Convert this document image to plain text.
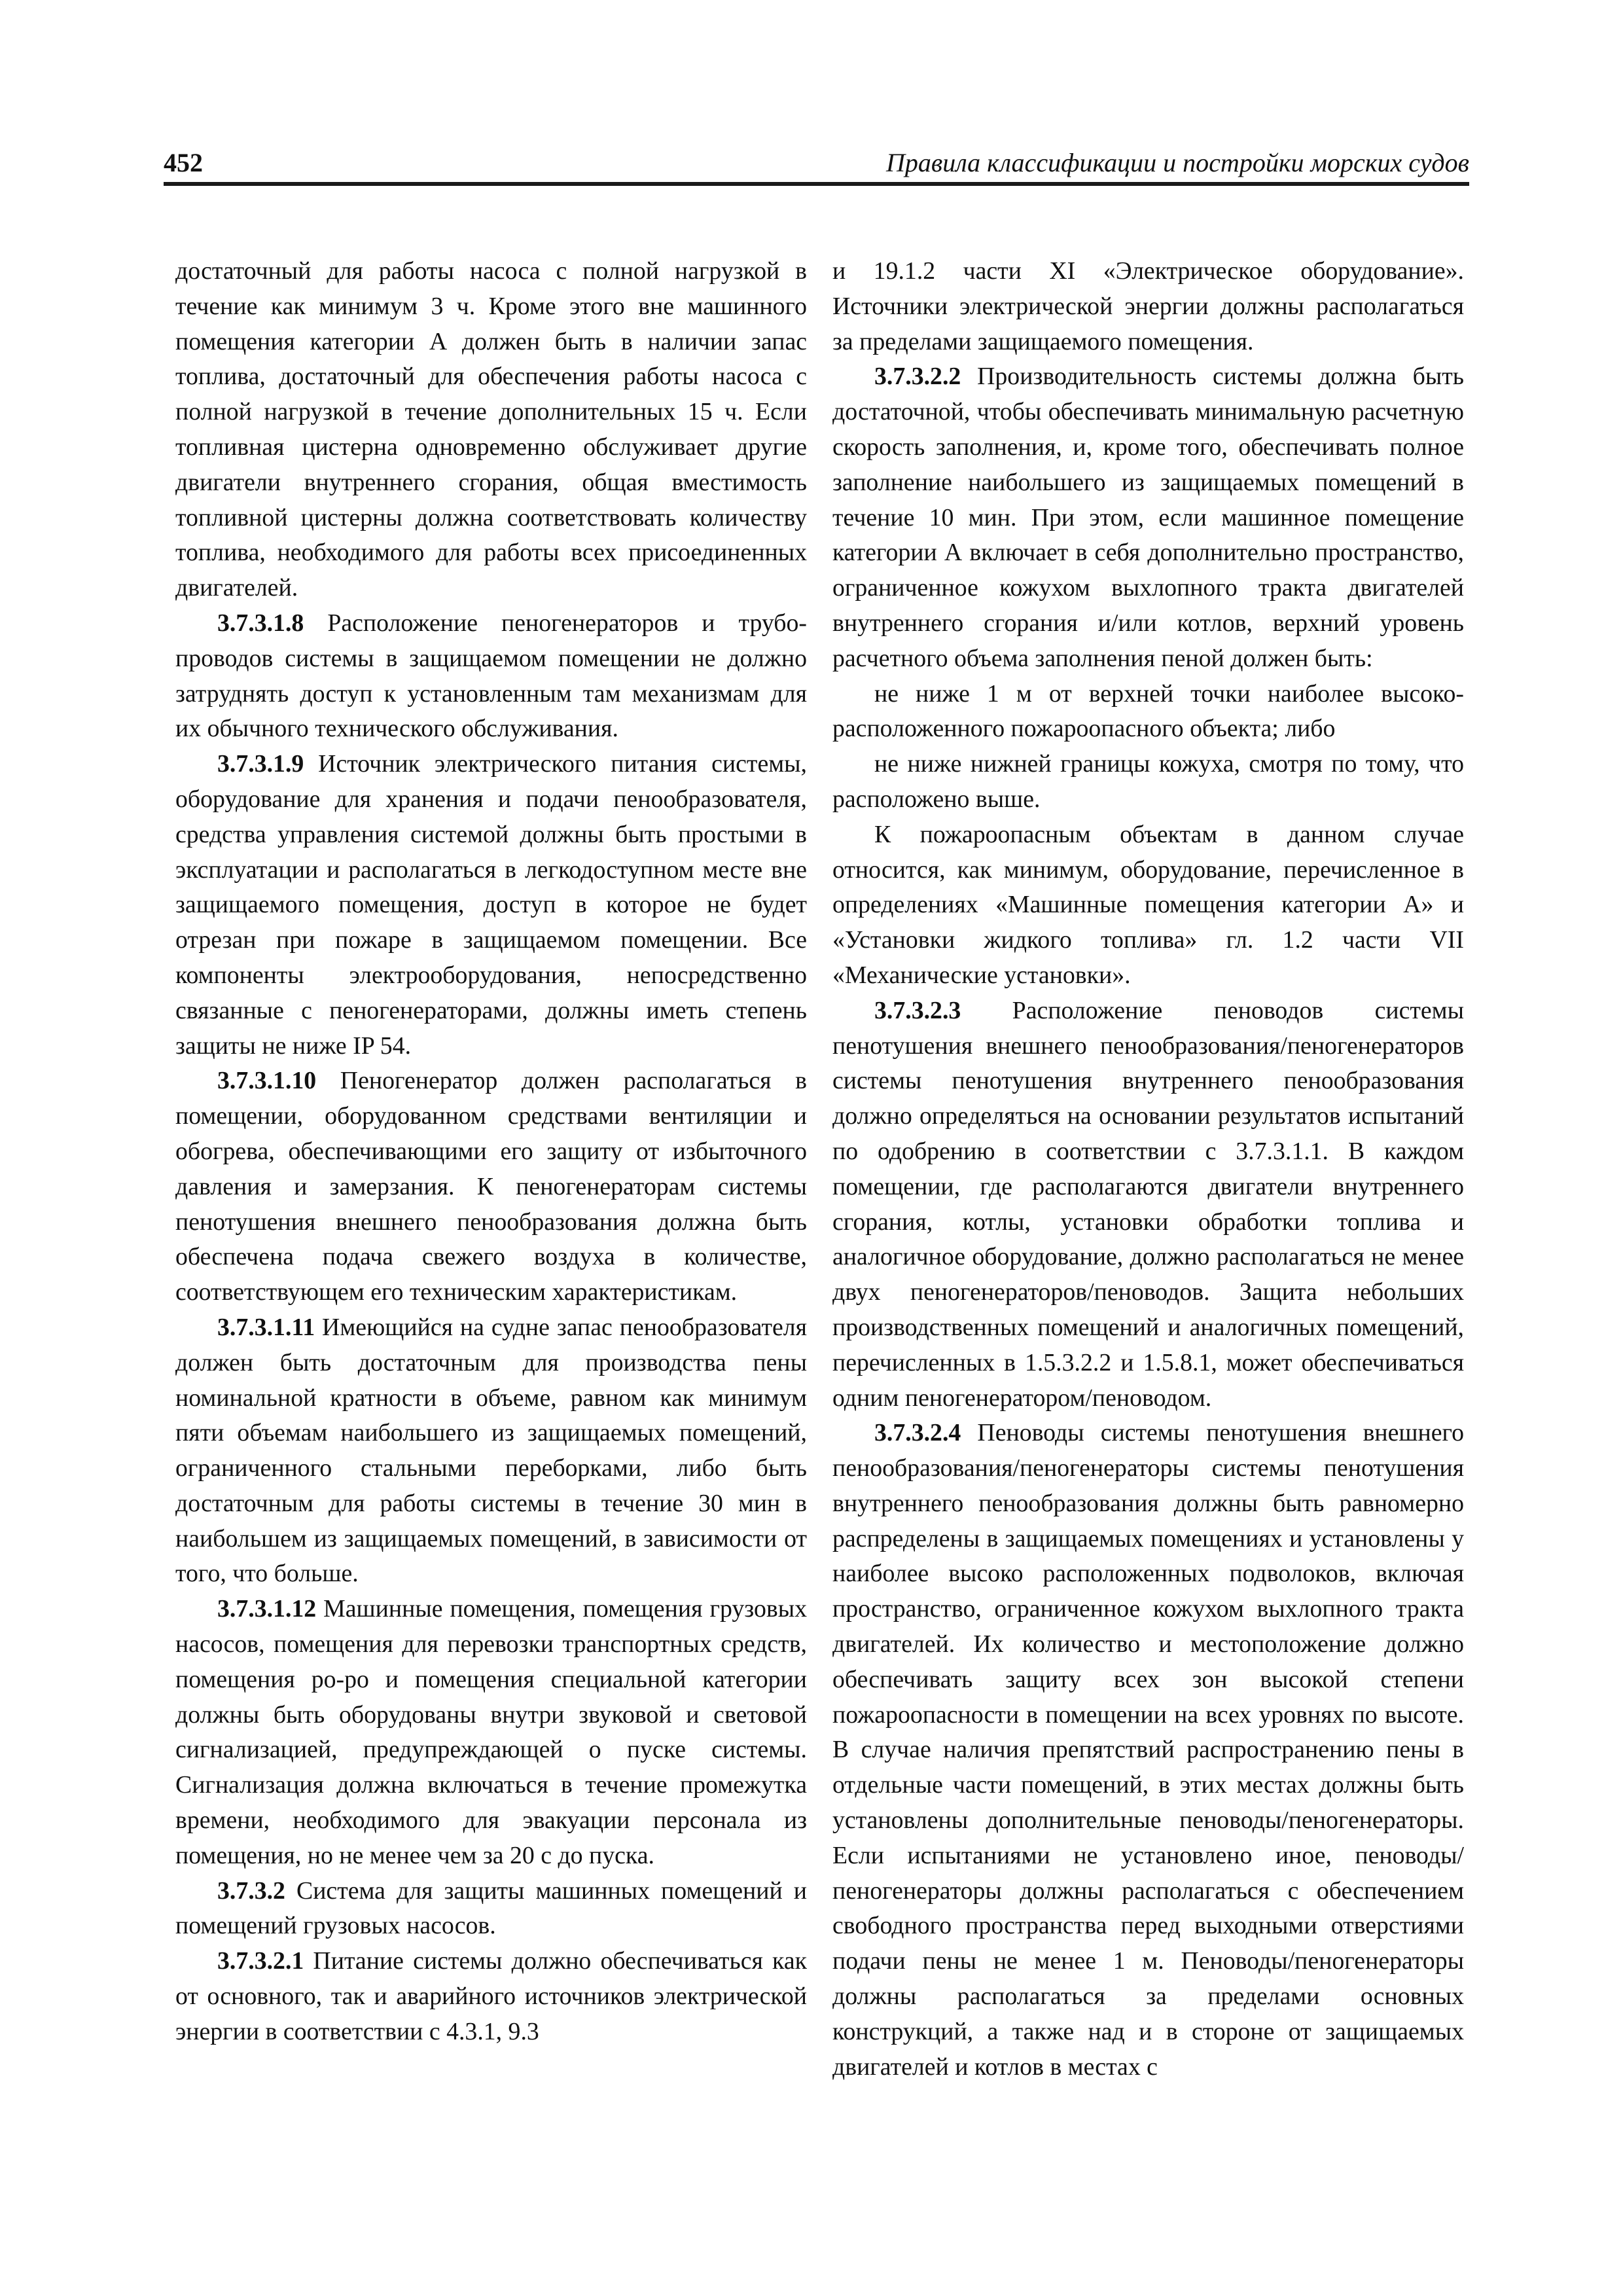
452	Правила классификации и постройки морских судов

достаточный для работы насоса с полной нагрузкой в течение как минимум 3 ч. Кроме этого вне машинного помещения категории А должен быть в наличии запас топлива, достаточный для обеспечения работы насоса с полной нагрузкой в течение дополнительных 15 ч. Если топливная цистерна одновременно обслуживает другие двигатели внутреннего сгорания, общая вместимость топливной цистерны должна соответствовать количеству топлива, необходимого для работы всех присоединенных двигателей.

3.7.3.1.8 Расположение пеногенераторов и трубопроводов системы в защищаемом помещении не должно затруднять доступ к установленным там механизмам для их обычного технического обслуживания.

3.7.3.1.9 Источник электрического питания системы, оборудование для хранения и подачи пенообразователя, средства управления системой должны быть простыми в эксплуатации и располагаться в легкодоступном месте вне защищаемого помещения, доступ в которое не будет отрезан при пожаре в защищаемом помещении. Все компоненты электрооборудования, непосредственно связанные с пеногенераторами, должны иметь степень защиты не ниже IP 54.

3.7.3.1.10 Пеногенератор должен располагаться в помещении, оборудованном средствами вентиляции и обогрева, обеспечивающими его защиту от избыточного давления и замерзания. К пеногенераторам системы пенотушения внешнего пенообразования должна быть обеспечена подача свежего воздуха в количестве, соответствующем его техническим характеристикам.

3.7.3.1.11 Имеющийся на судне запас пенообразователя должен быть достаточным для производства пены номинальной кратности в объеме, равном как минимум пяти объемам наибольшего из защищаемых помещений, ограниченного стальными переборками, либо быть достаточным для работы системы в течение 30 мин в наибольшем из защищаемых помещений, в зависимости от того, что больше.

3.7.3.1.12 Машинные помещения, помещения грузовых насосов, помещения для перевозки транспортных средств, помещения ро-ро и помещения специальной категории должны быть оборудованы внутри звуковой и световой сигнализацией, предупреждающей о пуске системы. Сигнализация должна включаться в течение промежутка времени, необходимого для эвакуации персонала из помещения, но не менее чем за 20 с до пуска.

3.7.3.2 Система для защиты машинных помещений и помещений грузовых насосов.

3.7.3.2.1 Питание системы должно обеспечиваться как от основного, так и аварийного источников электрической энергии в соответствии с 4.3.1, 9.3

и 19.1.2 части XI «Электрическое оборудование». Источники электрической энергии должны располагаться за пределами защищаемого помещения.

3.7.3.2.2 Производительность системы должна быть достаточной, чтобы обеспечивать минимальную расчетную скорость заполнения, и, кроме того, обеспечивать полное заполнение наибольшего из защищаемых помещений в течение 10 мин. При этом, если машинное помещение категории А включает в себя дополнительно пространство, ограниченное кожухом выхлопного тракта двигателей внутреннего сгорания и/или котлов, верхний уровень расчетного объема заполнения пеной должен быть:

не ниже 1 м от верхней точки наиболее высокорасположенного пожароопасного объекта; либо

не ниже нижней границы кожуха, смотря по тому, что расположено выше.

К пожароопасным объектам в данном случае относится, как минимум, оборудование, перечисленное в определениях «Машинные помещения категории А» и «Установки жидкого топлива» гл. 1.2 части VII «Механические установки».

3.7.3.2.3 Расположение пеноводов системы пенотушения внешнего пенообразования/пеногенераторов системы пенотушения внутреннего пенообразования должно определяться на основании результатов испытаний по одобрению в соответствии с 3.7.3.1.1. В каждом помещении, где располагаются двигатели внутреннего сгорания, котлы, установки обработки топлива и аналогичное оборудование, должно располагаться не менее двух пеногенераторов/пеноводов. Защита небольших производственных помещений и аналогичных помещений, перечисленных в 1.5.3.2.2 и 1.5.8.1, может обеспечиваться одним пеногенератором/пеноводом.

3.7.3.2.4 Пеноводы системы пенотушения внешнего пенообразования/пеногенераторы системы пенотушения внутреннего пенообразования должны быть равномерно распределены в защищаемых помещениях и установлены у наиболее высоко расположенных подволоков, включая пространство, ограниченное кожухом выхлопного тракта двигателей. Их количество и местоположение должно обеспечивать защиту всех зон высокой степени пожароопасности в помещении на всех уровнях по высоте. В случае наличия препятствий распространению пены в отдельные части помещений, в этих местах должны быть установлены дополнительные пеноводы/пеногенераторы. Если испытаниями не установлено иное, пеноводы/пеногенераторы должны располагаться с обеспечением свободного пространства перед выходными отверстиями подачи пены не менее 1 м. Пеноводы/пеногенераторы должны располагаться за пределами основных конструкций, а также над и в стороне от защищаемых двигателей и котлов в местах с
